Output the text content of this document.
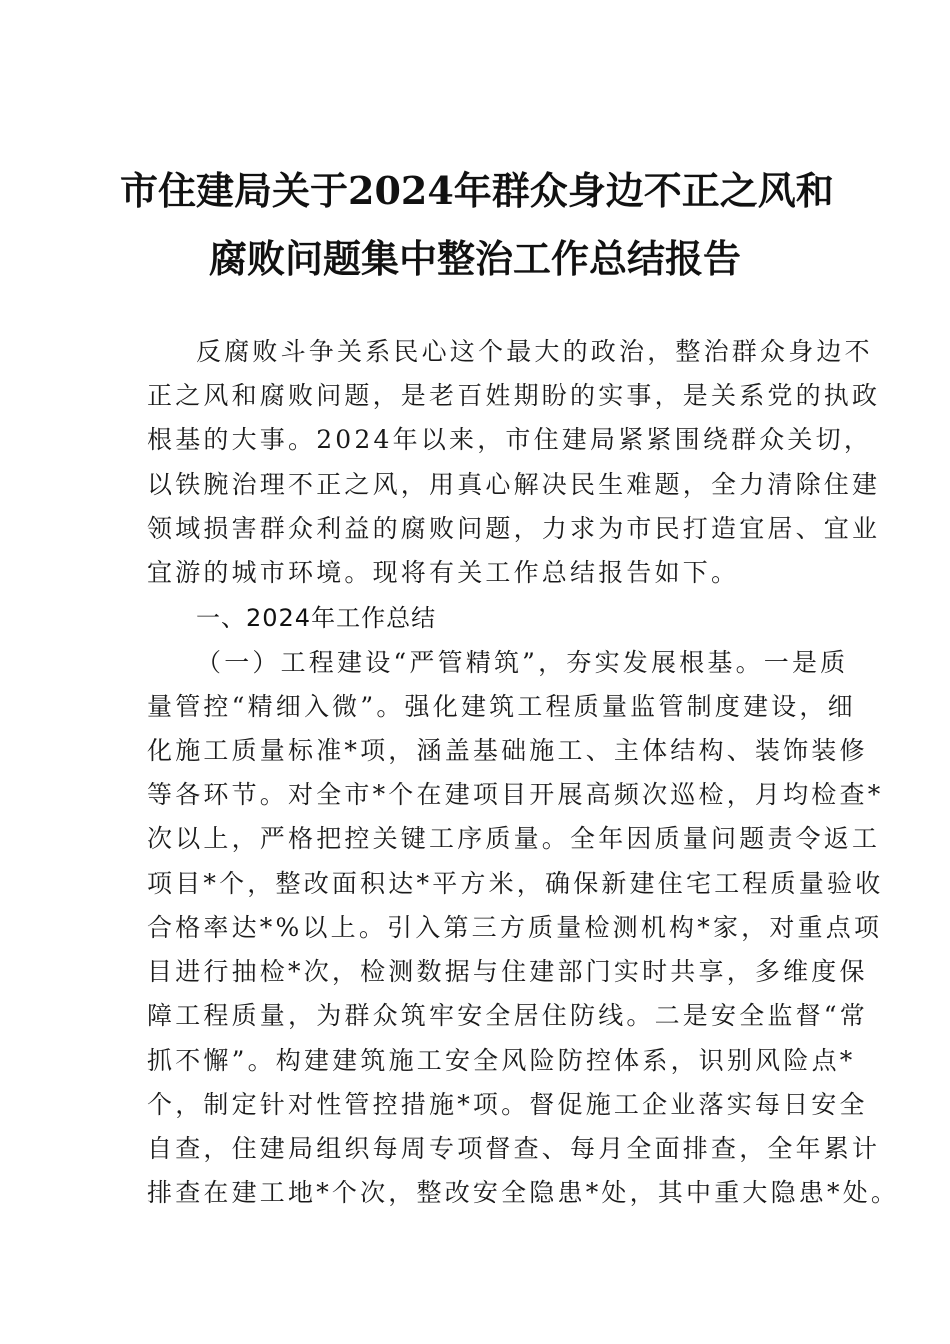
市住建局关于2024年群众身边不正之风和
腐败问题集中整治工作总结报告
反腐败斗争关系民心这个最大的政治，整治群众身边不
正之风和腐败问题，是老百姓期盼的实事，是关系党的执政
根基的大事。2024年以来，市住建局紧紧围绕群众关切，
以铁腕治理不正之风，用真心解决民生难题，全力清除住建
领域损害群众利益的腐败问题，力求为市民打造宜居、宜业
宜游的城市环境。现将有关工作总结报告如下。
一、2024年工作总结
（一）工程建设“严管精筑”，夯实发展根基。一是质
量管控“精细入微”。强化建筑工程质量监管制度建设，细
化施工质量标准*项，涵盖基础施工、主体结构、装饰装修
等各环节。对全市*个在建项目开展高频次巡检，月均检查*
次以上，严格把控关键工序质量。全年因质量问题责令返工
项目*个，整改面积达*平方米，确保新建住宅工程质量验收
合格率达*%以上。引入第三方质量检测机构*家，对重点项
目进行抽检*次，检测数据与住建部门实时共享，多维度保
障工程质量，为群众筑牢安全居住防线。二是安全监督“常
抓不懈”。构建建筑施工安全风险防控体系，识别风险点*
个，制定针对性管控措施*项。督促施工企业落实每日安全
自查，住建局组织每周专项督查、每月全面排查，全年累计
排查在建工地*个次，整改安全隐患*处，其中重大隐患*处。
